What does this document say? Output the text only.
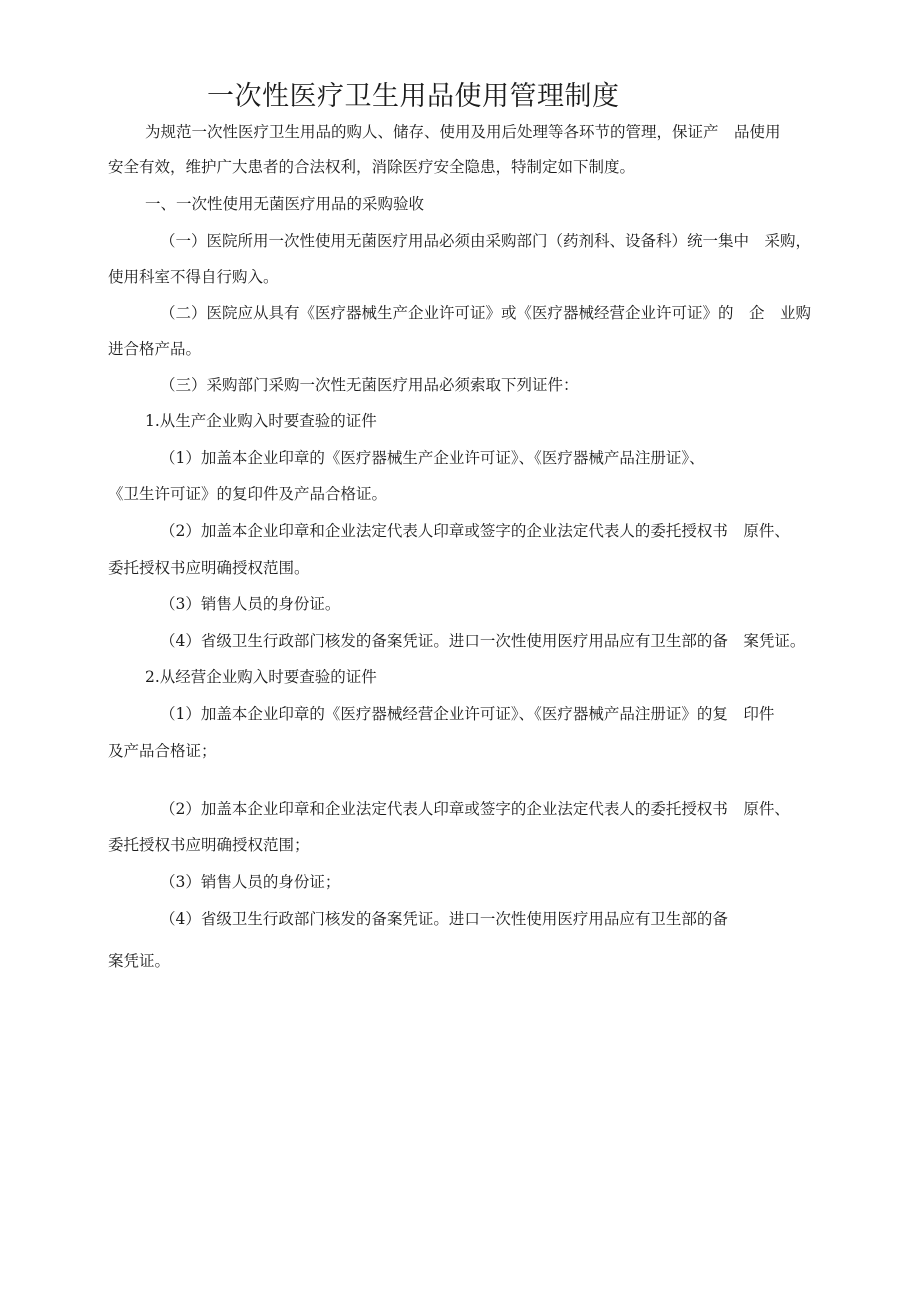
一次性医疗卫生用品使用管理制度

为规范一次性医疗卫生用品的购人、储存、使用及用后处理等各环节的管理，保证产　品使用

安全有效，维护广大患者的合法权利，消除医疗安全隐患，特制定如下制度。

一、一次性使用无菌医疗用品的采购验收

（一）医院所用一次性使用无菌医疗用品必须由采购部门（药剂科、设备科）统一集中　采购，

使用科室不得自行购入。

（二）医院应从具有《医疗器械生产企业许可证》或《医疗器械经营企业许可证》的　企　业购

进合格产品。

（三）采购部门采购一次性无菌医疗用品必须索取下列证件：

1.从生产企业购入时要查验的证件

（1）加盖本企业印章的《医疗器械生产企业许可证》、《医疗器械产品注册证》、

《卫生许可证》的复印件及产品合格证。

（2）加盖本企业印章和企业法定代表人印章或签字的企业法定代表人的委托授权书　原件、

委托授权书应明确授权范围。

（3）销售人员的身份证。

（4）省级卫生行政部门核发的备案凭证。进口一次性使用医疗用品应有卫生部的备　案凭证。

2.从经营企业购入时要查验的证件

（1）加盖本企业印章的《医疗器械经营企业许可证》、《医疗器械产品注册证》的复　印件

及产品合格证；

（2）加盖本企业印章和企业法定代表人印章或签字的企业法定代表人的委托授权书　原件、

委托授权书应明确授权范围；

（3）销售人员的身份证；

（4）省级卫生行政部门核发的备案凭证。进口一次性使用医疗用品应有卫生部的备

案凭证。
